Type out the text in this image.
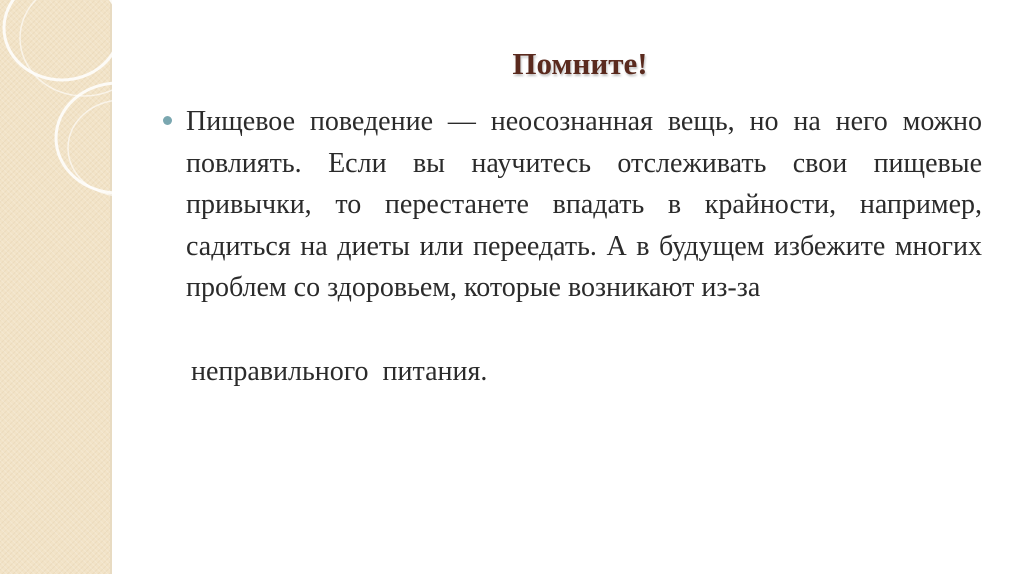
Помните!

Пищевое поведение — неосознанная вещь, но на него можно повлиять. Если вы научитесь отслеживать свои пищевые привычки, то перестанете впадать в крайности, например, садиться на диеты или переедать. А в будущем избежите многих проблем со здоровьем, которые возникают из-за

неправильного  питания.
